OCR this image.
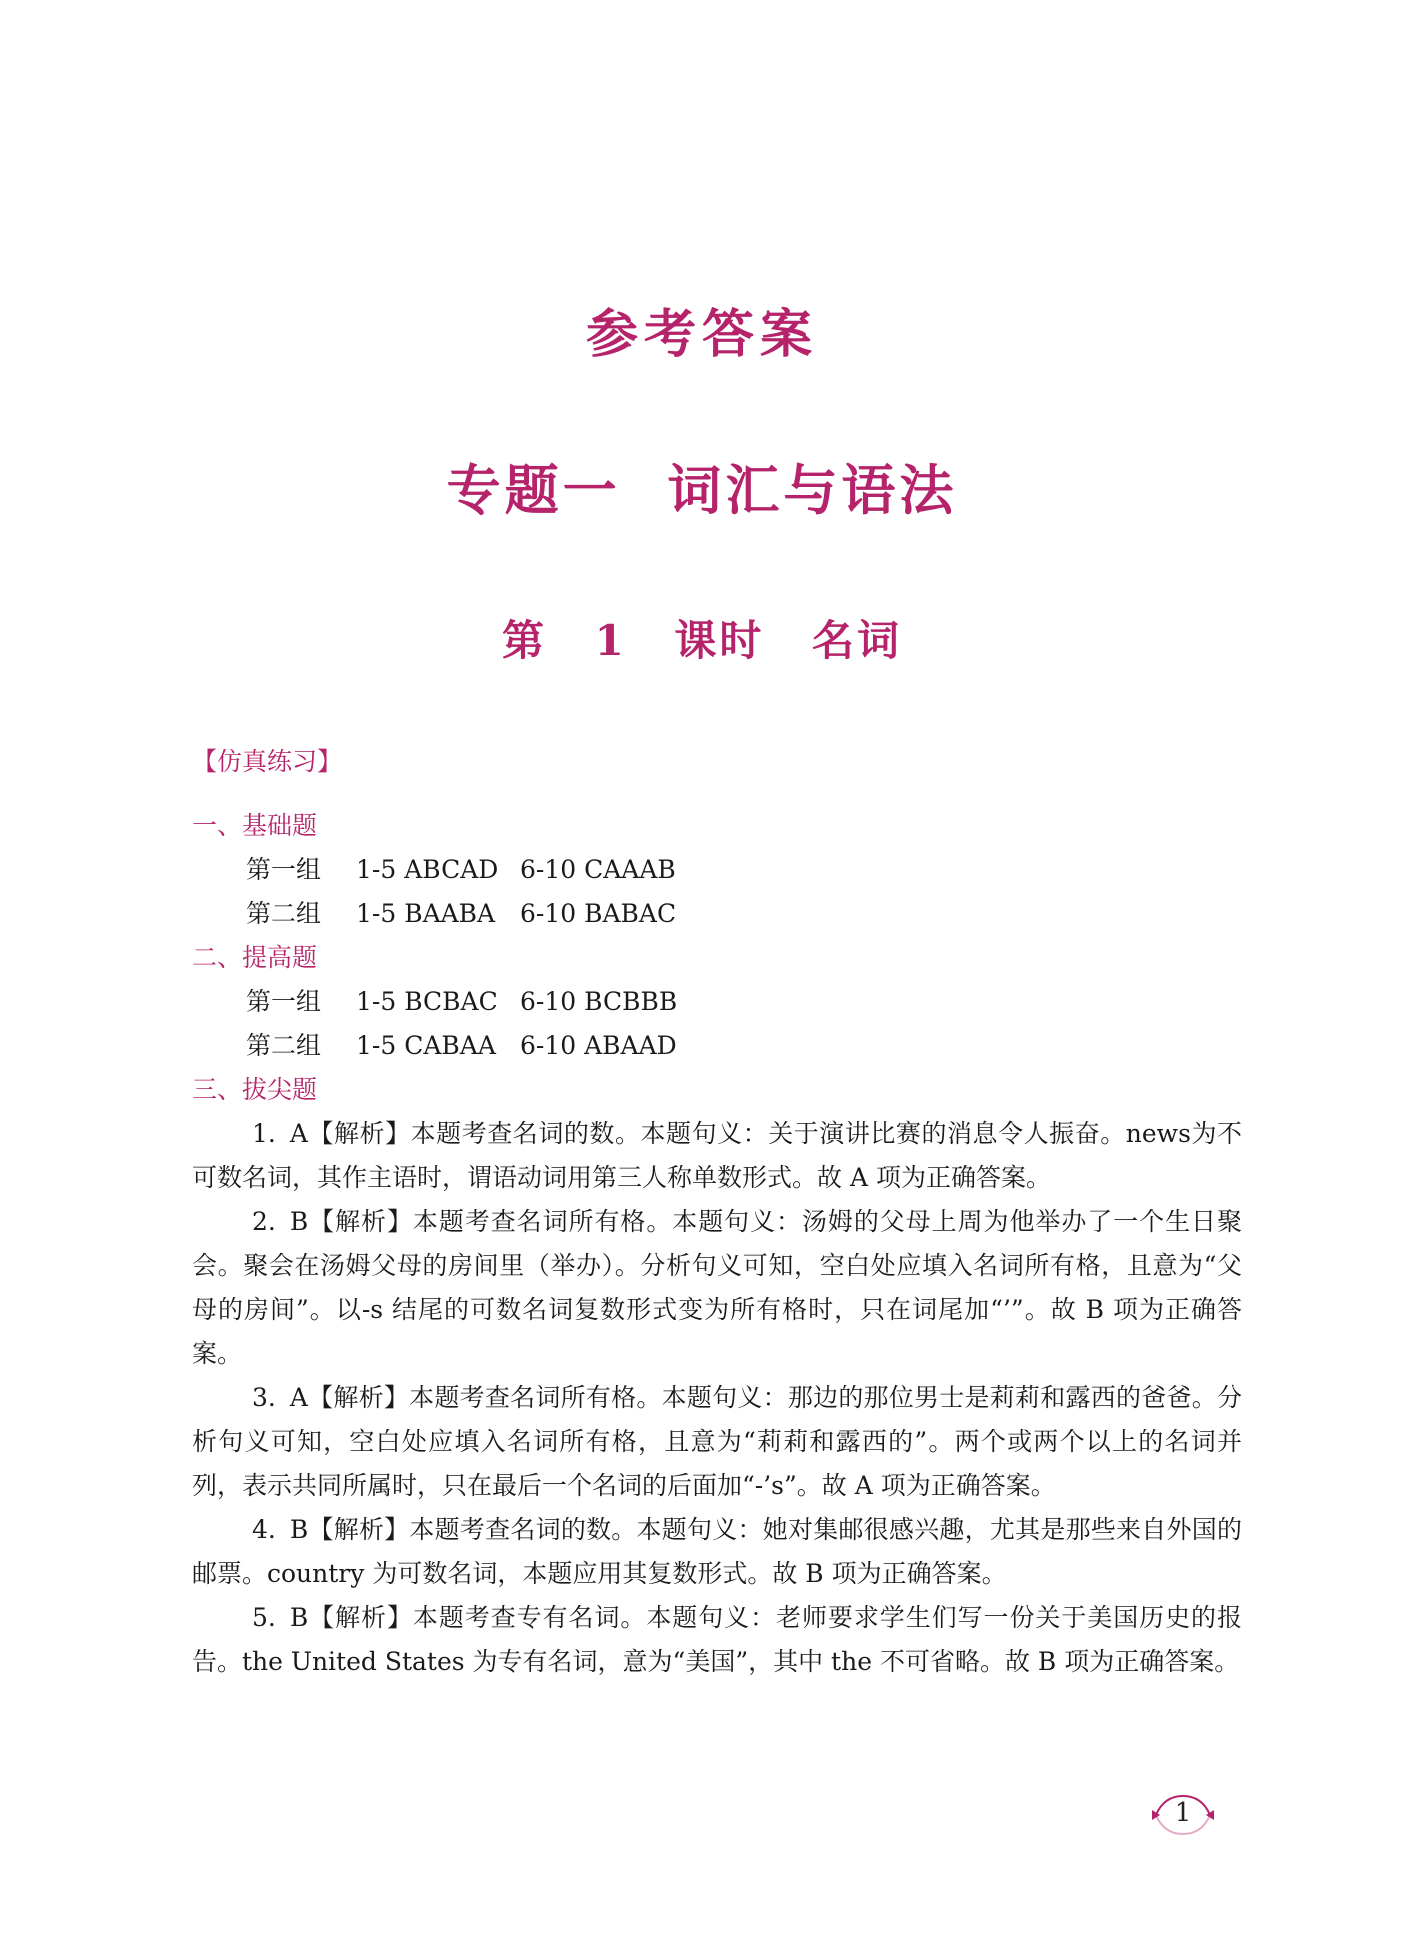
参考答案
专题一 词汇与语法
第 1 课时 名词
【仿真练习】
一、基础题
第一组 1-5 ABCAD 6-10 CAAAB
第二组 1-5 BAABA 6-10 BABAC
二、提高题
第一组 1-5 BCBAC 6-10 BCBBB
第二组 1-5 CABAA 6-10 ABAAD
三、拔尖题

1. A【解析】本题考查名词的数。本题句义：关于演讲比赛的消息令人振奋。news为不可数名词，其作主语时，谓语动词用第三人称单数形式。故 A 项为正确答案。

2. B【解析】本题考查名词所有格。本题句义：汤姆的父母上周为他举办了一个生日聚会。聚会在汤姆父母的房间里（举办）。分析句义可知，空白处应填入名词所有格，且意为“父母的房间”。以-s 结尾的可数名词复数形式变为所有格时，只在词尾加“’”。故 B 项为正确答案。

3. A【解析】本题考查名词所有格。本题句义：那边的那位男士是莉莉和露西的爸爸。分析句义可知，空白处应填入名词所有格，且意为“莉莉和露西的”。两个或两个以上的名词并列，表示共同所属时，只在最后一个名词的后面加“-’s”。故 A 项为正确答案。

4. B【解析】本题考查名词的数。本题句义：她对集邮很感兴趣，尤其是那些来自外国的邮票。country 为可数名词，本题应用其复数形式。故 B 项为正确答案。

5. B【解析】本题考查专有名词。本题句义：老师要求学生们写一份关于美国历史的报告。the United States 为专有名词，意为“美国”，其中 the 不可省略。故 B 项为正确答案。

1
